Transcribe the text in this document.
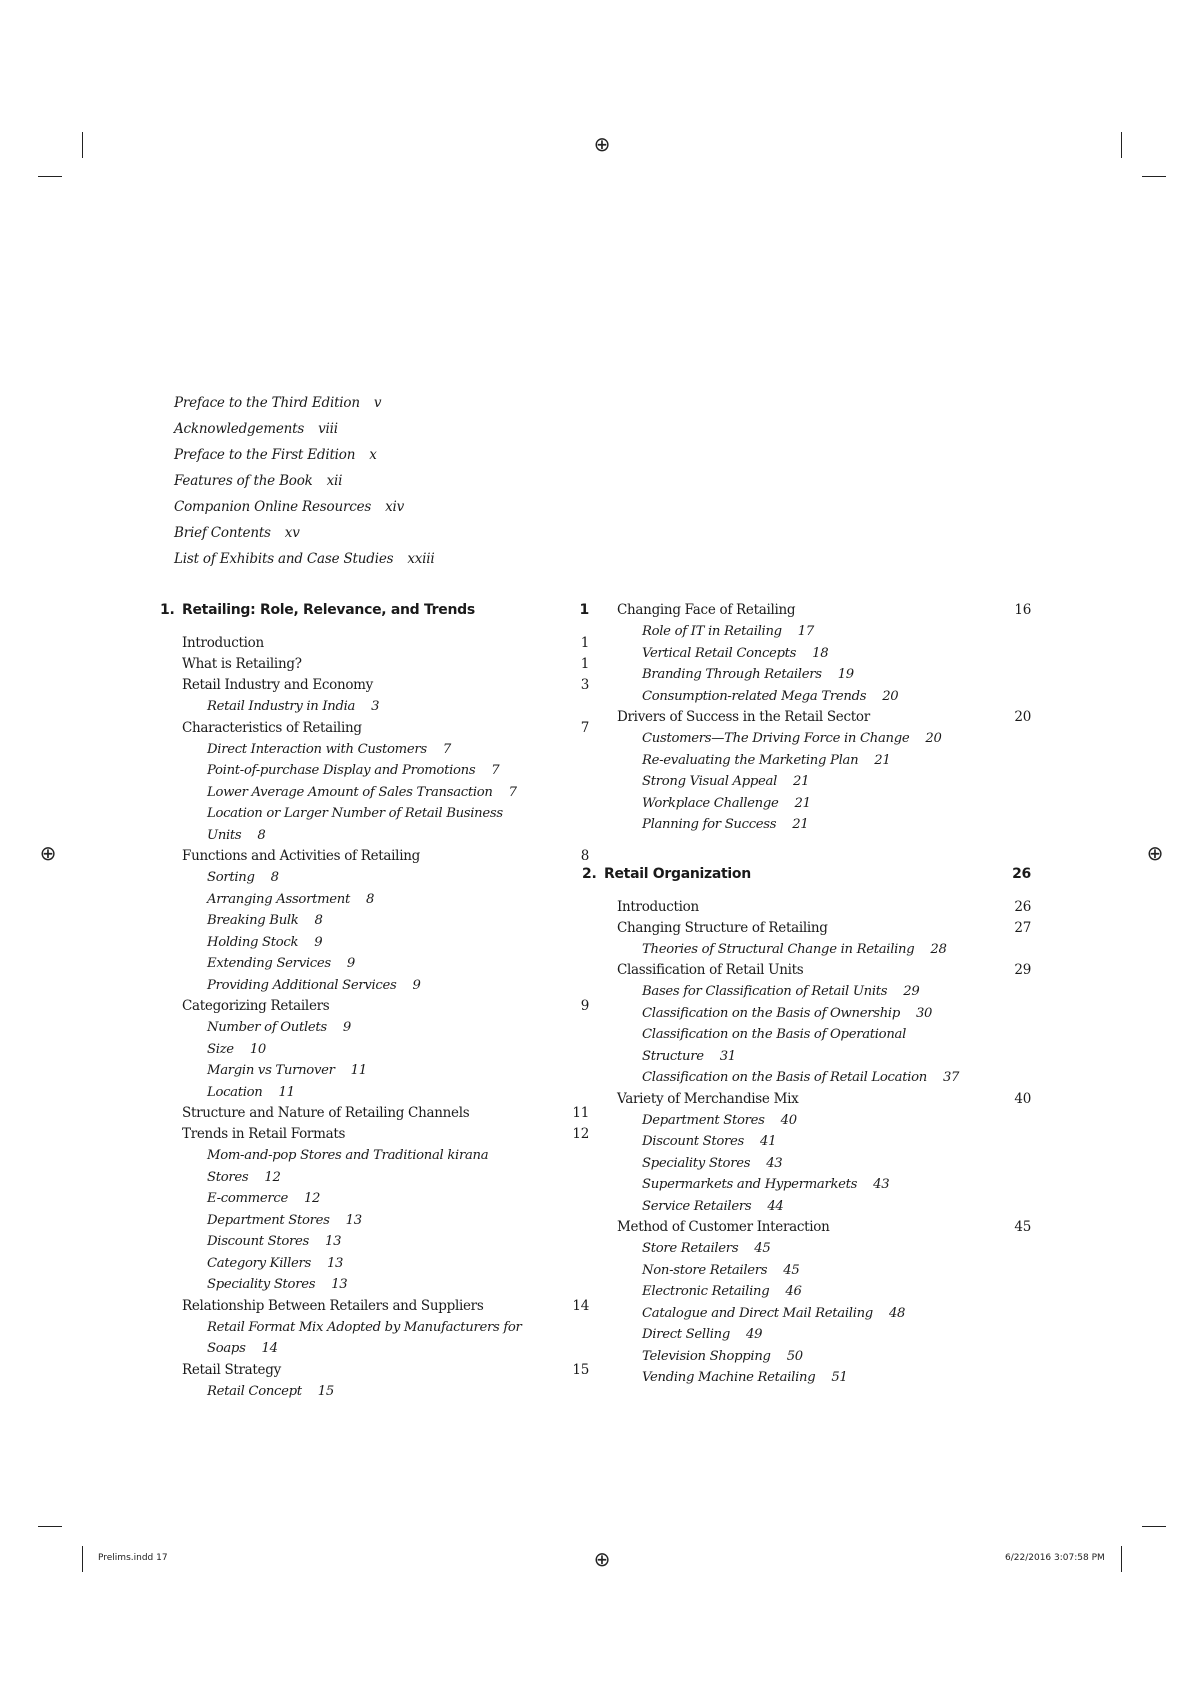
⊕
⊕	⊕
⊕
Prelims.indd 17	6/22/2016 3:07:58 PM
Preface to the Third Edition v
Acknowledgements viii
Preface to the First Edition x
Features of the Book xii
Companion Online Resources xiv
Brief Contents xv
List of Exhibits and Case Studies xxiii
1. Retailing: Role, Relevance, and Trends	1
Introduction	1
What is Retailing?	1
Retail Industry and Economy	3
Retail Industry in India 3
Characteristics of Retailing	7
Direct Interaction with Customers 7
Point-of-purchase Display and Promotions 7
Lower Average Amount of Sales Transaction 7
Location or Larger Number of Retail Business Units 8
Functions and Activities of Retailing	8
Sorting 8
Arranging Assortment 8
Breaking Bulk 8
Holding Stock 9
Extending Services 9
Providing Additional Services 9
Categorizing Retailers	9
Number of Outlets 9
Size 10
Margin vs Turnover 11
Location 11
Structure and Nature of Retailing Channels	11
Trends in Retail Formats	12
Mom-and-pop Stores and Traditional kirana Stores 12
E-commerce 12
Department Stores 13
Discount Stores 13
Category Killers 13
Speciality Stores 13
Relationship Between Retailers and Suppliers	14
Retail Format Mix Adopted by Manufacturers for Soaps 14
Retail Strategy	15
Retail Concept 15
Changing Face of Retailing	16
Role of IT in Retailing 17
Vertical Retail Concepts 18
Branding Through Retailers 19
Consumption-related Mega Trends 20
Drivers of Success in the Retail Sector	20
Customers—The Driving Force in Change 20
Re-evaluating the Marketing Plan 21
Strong Visual Appeal 21
Workplace Challenge 21
Planning for Success 21
2. Retail Organization	26
Introduction	26
Changing Structure of Retailing	27
Theories of Structural Change in Retailing 28
Classification of Retail Units	29
Bases for Classification of Retail Units 29
Classification on the Basis of Ownership 30
Classification on the Basis of Operational Structure 31
Classification on the Basis of Retail Location 37
Variety of Merchandise Mix	40
Department Stores 40
Discount Stores 41
Speciality Stores 43
Supermarkets and Hypermarkets 43
Service Retailers 44
Method of Customer Interaction	45
Store Retailers 45
Non-store Retailers 45
Electronic Retailing 46
Catalogue and Direct Mail Retailing 48
Direct Selling 49
Television Shopping 50
Vending Machine Retailing 51
